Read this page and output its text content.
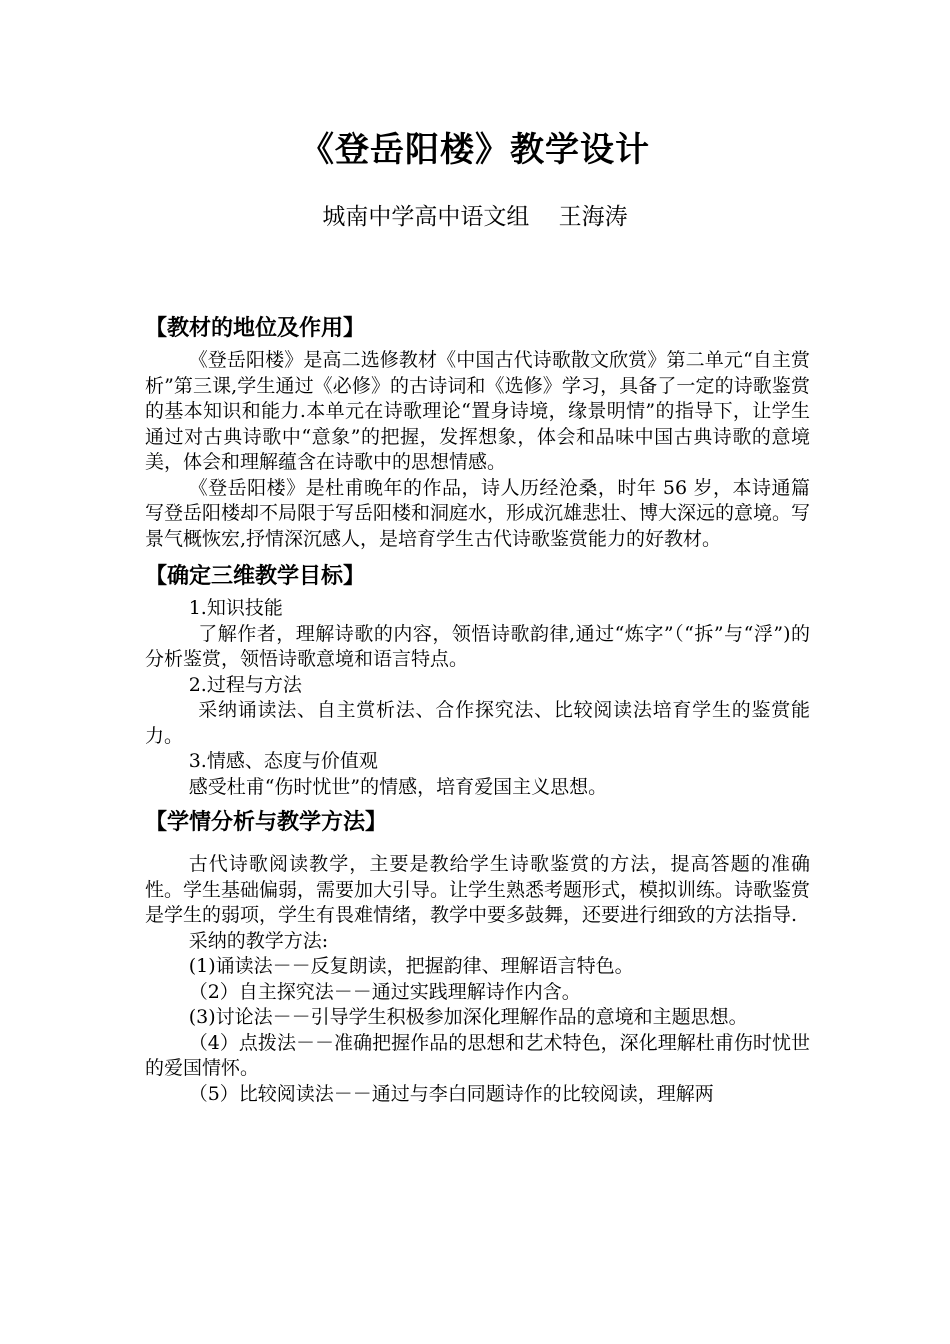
《登岳阳楼》教学设计
城南中学高中语文组    王海涛
【教材的地位及作用】

《登岳阳楼》是高二选修教材《中国古代诗歌散文欣赏》第二单元“自主赏析”第三课,学生通过《必修》的古诗词和《选修》学习，具备了一定的诗歌鉴赏的基本知识和能力.本单元在诗歌理论“置身诗境，缘景明情”的指导下，让学生通过对古典诗歌中“意象”的把握，发挥想象，体会和品味中国古典诗歌的意境美，体会和理解蕴含在诗歌中的思想情感。

《登岳阳楼》是杜甫晚年的作品，诗人历经沧桑，时年 56 岁，本诗通篇写登岳阳楼却不局限于写岳阳楼和洞庭水，形成沉雄悲壮、博大深远的意境。写景气概恢宏,抒情深沉感人，是培育学生古代诗歌鉴赏能力的好教材。

【确定三维教学目标】

1.知识技能

了解作者，理解诗歌的内容，领悟诗歌韵律,通过“炼字”（“拆”与“浮”)的分析鉴赏，领悟诗歌意境和语言特点。

2.过程与方法

采纳诵读法、自主赏析法、合作探究法、比较阅读法培育学生的鉴赏能力。

3.情感、态度与价值观

感受杜甫“伤时忧世”的情感，培育爱国主义思想。

【学情分析与教学方法】

古代诗歌阅读教学，主要是教给学生诗歌鉴赏的方法，提高答题的准确性。学生基础偏弱，需要加大引导。让学生熟悉考题形式，模拟训练。诗歌鉴赏是学生的弱项，学生有畏难情绪，教学中要多鼓舞，还要进行细致的方法指导.

采纳的教学方法:

(1)诵读法－－反复朗读，把握韵律、理解语言特色。

（2）自主探究法－－通过实践理解诗作内含。

(3)讨论法－－引导学生积极参加深化理解作品的意境和主题思想。

（4）点拨法－－准确把握作品的思想和艺术特色，深化理解杜甫伤时忧世的爱国情怀。

（5）比较阅读法－－通过与李白同题诗作的比较阅读，理解两
